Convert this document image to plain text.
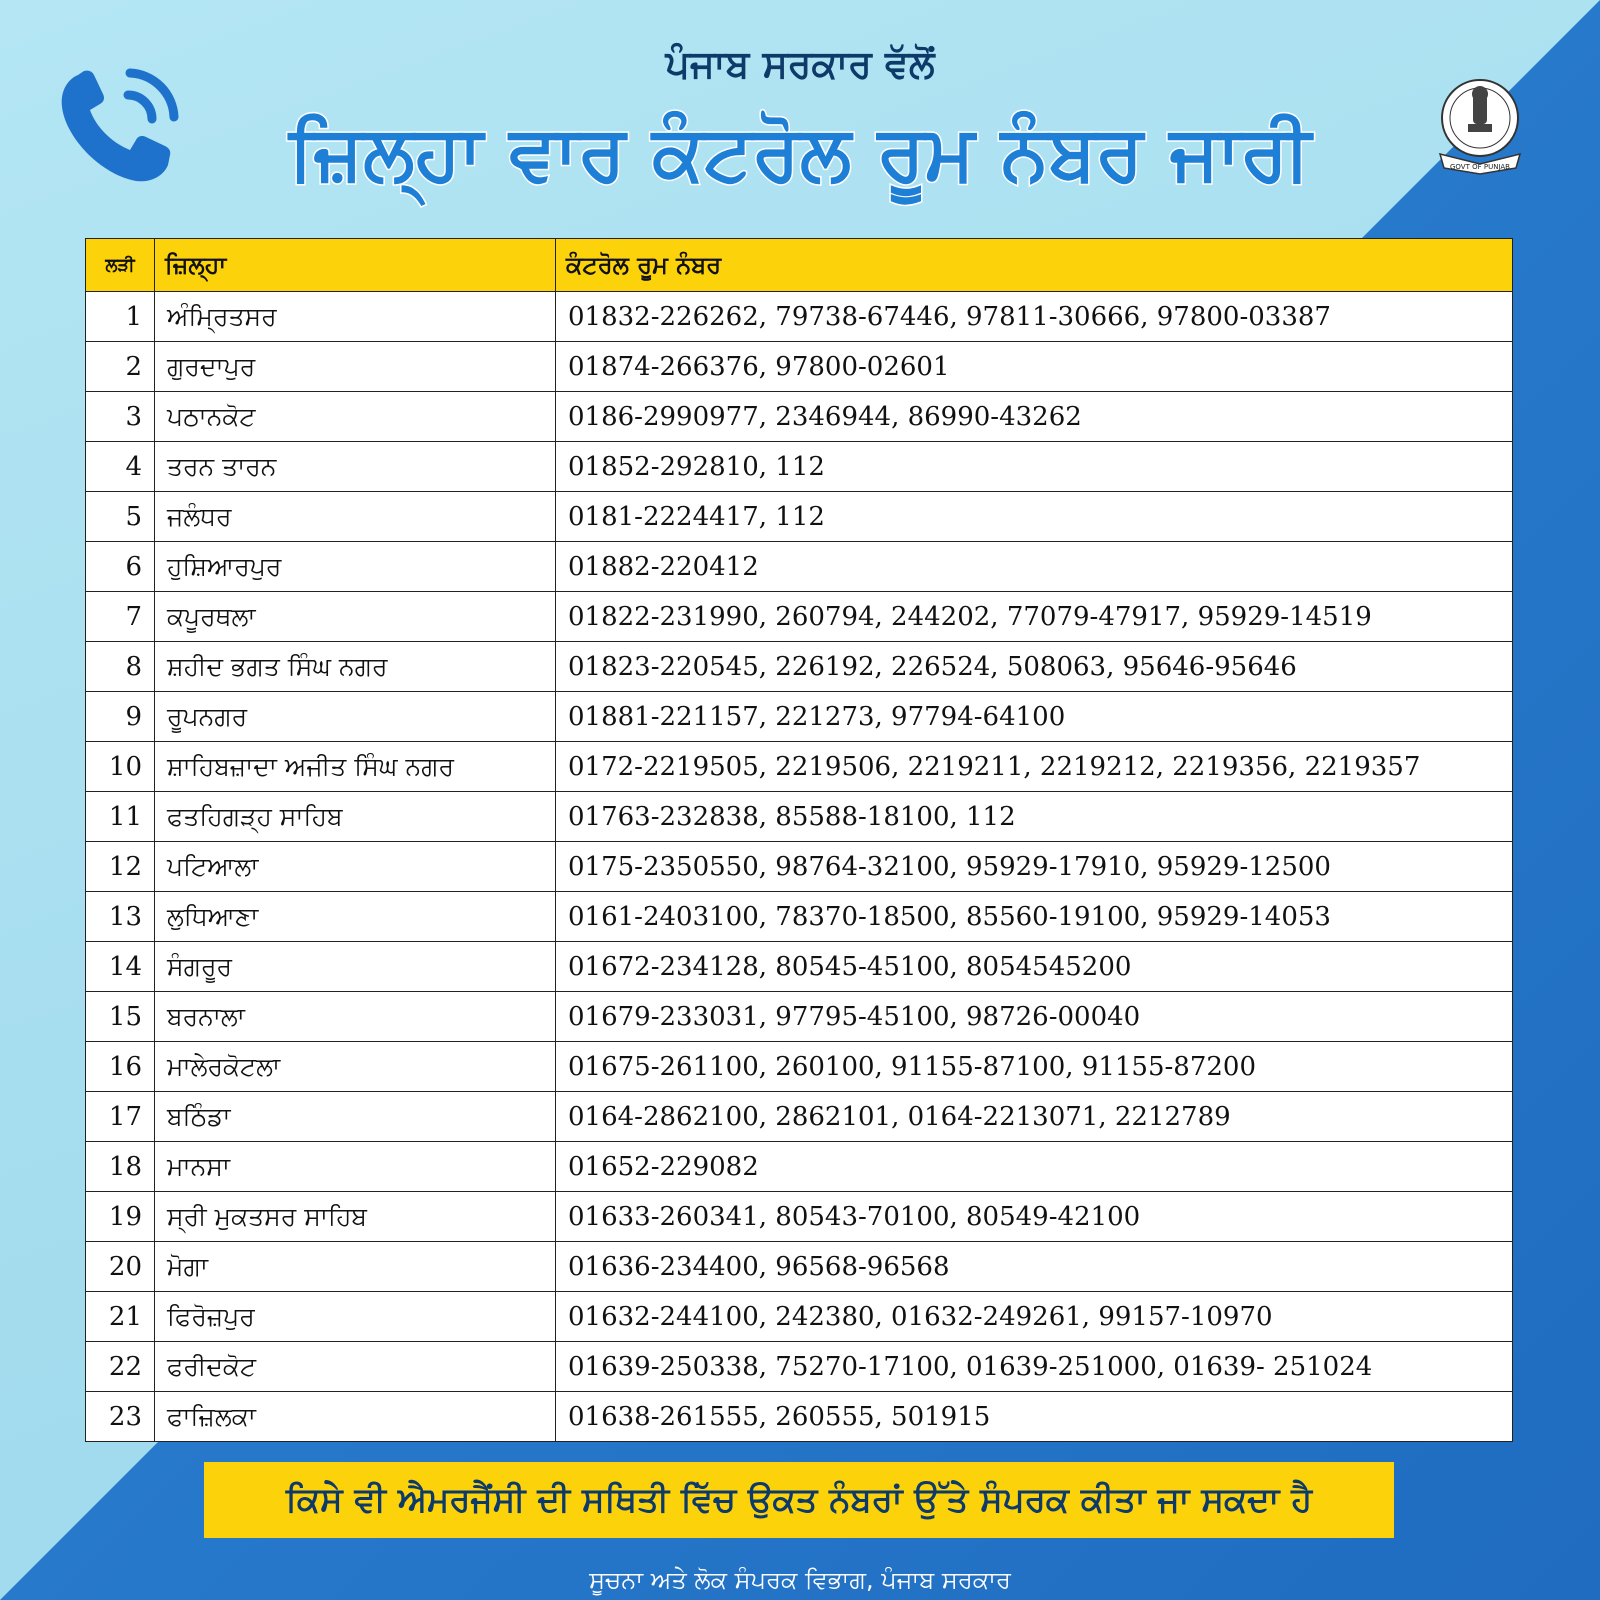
ਪੰਜਾਬ ਸਰਕਾਰ ਵੱਲੋਂ
ਜ਼ਿਲ੍ਹਾ ਵਾਰ ਕੰਟਰੋਲ ਰੂਮ ਨੰਬਰ ਜਾਰੀ	GOVT OF PUNJAB
ਲੜੀ	ਜ਼ਿਲ੍ਹਾ	ਕੰਟਰੋਲ ਰੂਮ ਨੰਬਰ
1	ਅੰਮ੍ਰਿਤਸਰ	01832-226262, 79738-67446, 97811-30666, 97800-03387
2	ਗੁਰਦਾਪੁਰ	01874-266376, 97800-02601
3	ਪਠਾਨਕੋਟ	0186-2990977, 2346944, 86990-43262
4	ਤਰਨ ਤਾਰਨ	01852-292810, 112
5	ਜਲੰਧਰ	0181-2224417, 112
6	ਹੁਸ਼ਿਆਰਪੁਰ	01882-220412
7	ਕਪੂਰਥਲਾ	01822-231990, 260794, 244202, 77079-47917, 95929-14519
8	ਸ਼ਹੀਦ ਭਗਤ ਸਿੰਘ ਨਗਰ	01823-220545, 226192, 226524, 508063, 95646-95646
9	ਰੂਪਨਗਰ	01881-221157, 221273, 97794-64100
10	ਸ਼ਾਹਿਬਜ਼ਾਦਾ ਅਜੀਤ ਸਿੰਘ ਨਗਰ	0172-2219505, 2219506, 2219211, 2219212, 2219356, 2219357
11	ਫਤਹਿਗੜ੍ਹ ਸਾਹਿਬ	01763-232838, 85588-18100, 112
12	ਪਟਿਆਲਾ	0175-2350550, 98764-32100, 95929-17910, 95929-12500
13	ਲੁਧਿਆਣਾ	0161-2403100, 78370-18500, 85560-19100, 95929-14053
14	ਸੰਗਰੂਰ	01672-234128, 80545-45100, 8054545200
15	ਬਰਨਾਲਾ	01679-233031, 97795-45100, 98726-00040
16	ਮਾਲੇਰਕੋਟਲਾ	01675-261100, 260100, 91155-87100, 91155-87200
17	ਬਠਿੰਡਾ	0164-2862100, 2862101, 0164-2213071, 2212789
18	ਮਾਨਸਾ	01652-229082
19	ਸ੍ਰੀ ਮੁਕਤਸਰ ਸਾਹਿਬ	01633-260341, 80543-70100, 80549-42100
20	ਮੋਗਾ	01636-234400, 96568-96568
21	ਫਿਰੋਜ਼ਪੁਰ	01632-244100, 242380, 01632-249261, 99157-10970
22	ਫਰੀਦਕੋਟ	01639-250338, 75270-17100, 01639-251000, 01639- 251024
23	ਫਾਜ਼ਿਲਕਾ	01638-261555, 260555, 501915
ਕਿਸੇ ਵੀ ਐਮਰਜੈਂਸੀ ਦੀ ਸਥਿਤੀ ਵਿੱਚ ਉਕਤ ਨੰਬਰਾਂ ਉੱਤੇ ਸੰਪਰਕ ਕੀਤਾ ਜਾ ਸਕਦਾ ਹੈ
ਸੂਚਨਾ ਅਤੇ ਲੋਕ ਸੰਪਰਕ ਵਿਭਾਗ, ਪੰਜਾਬ ਸਰਕਾਰ
